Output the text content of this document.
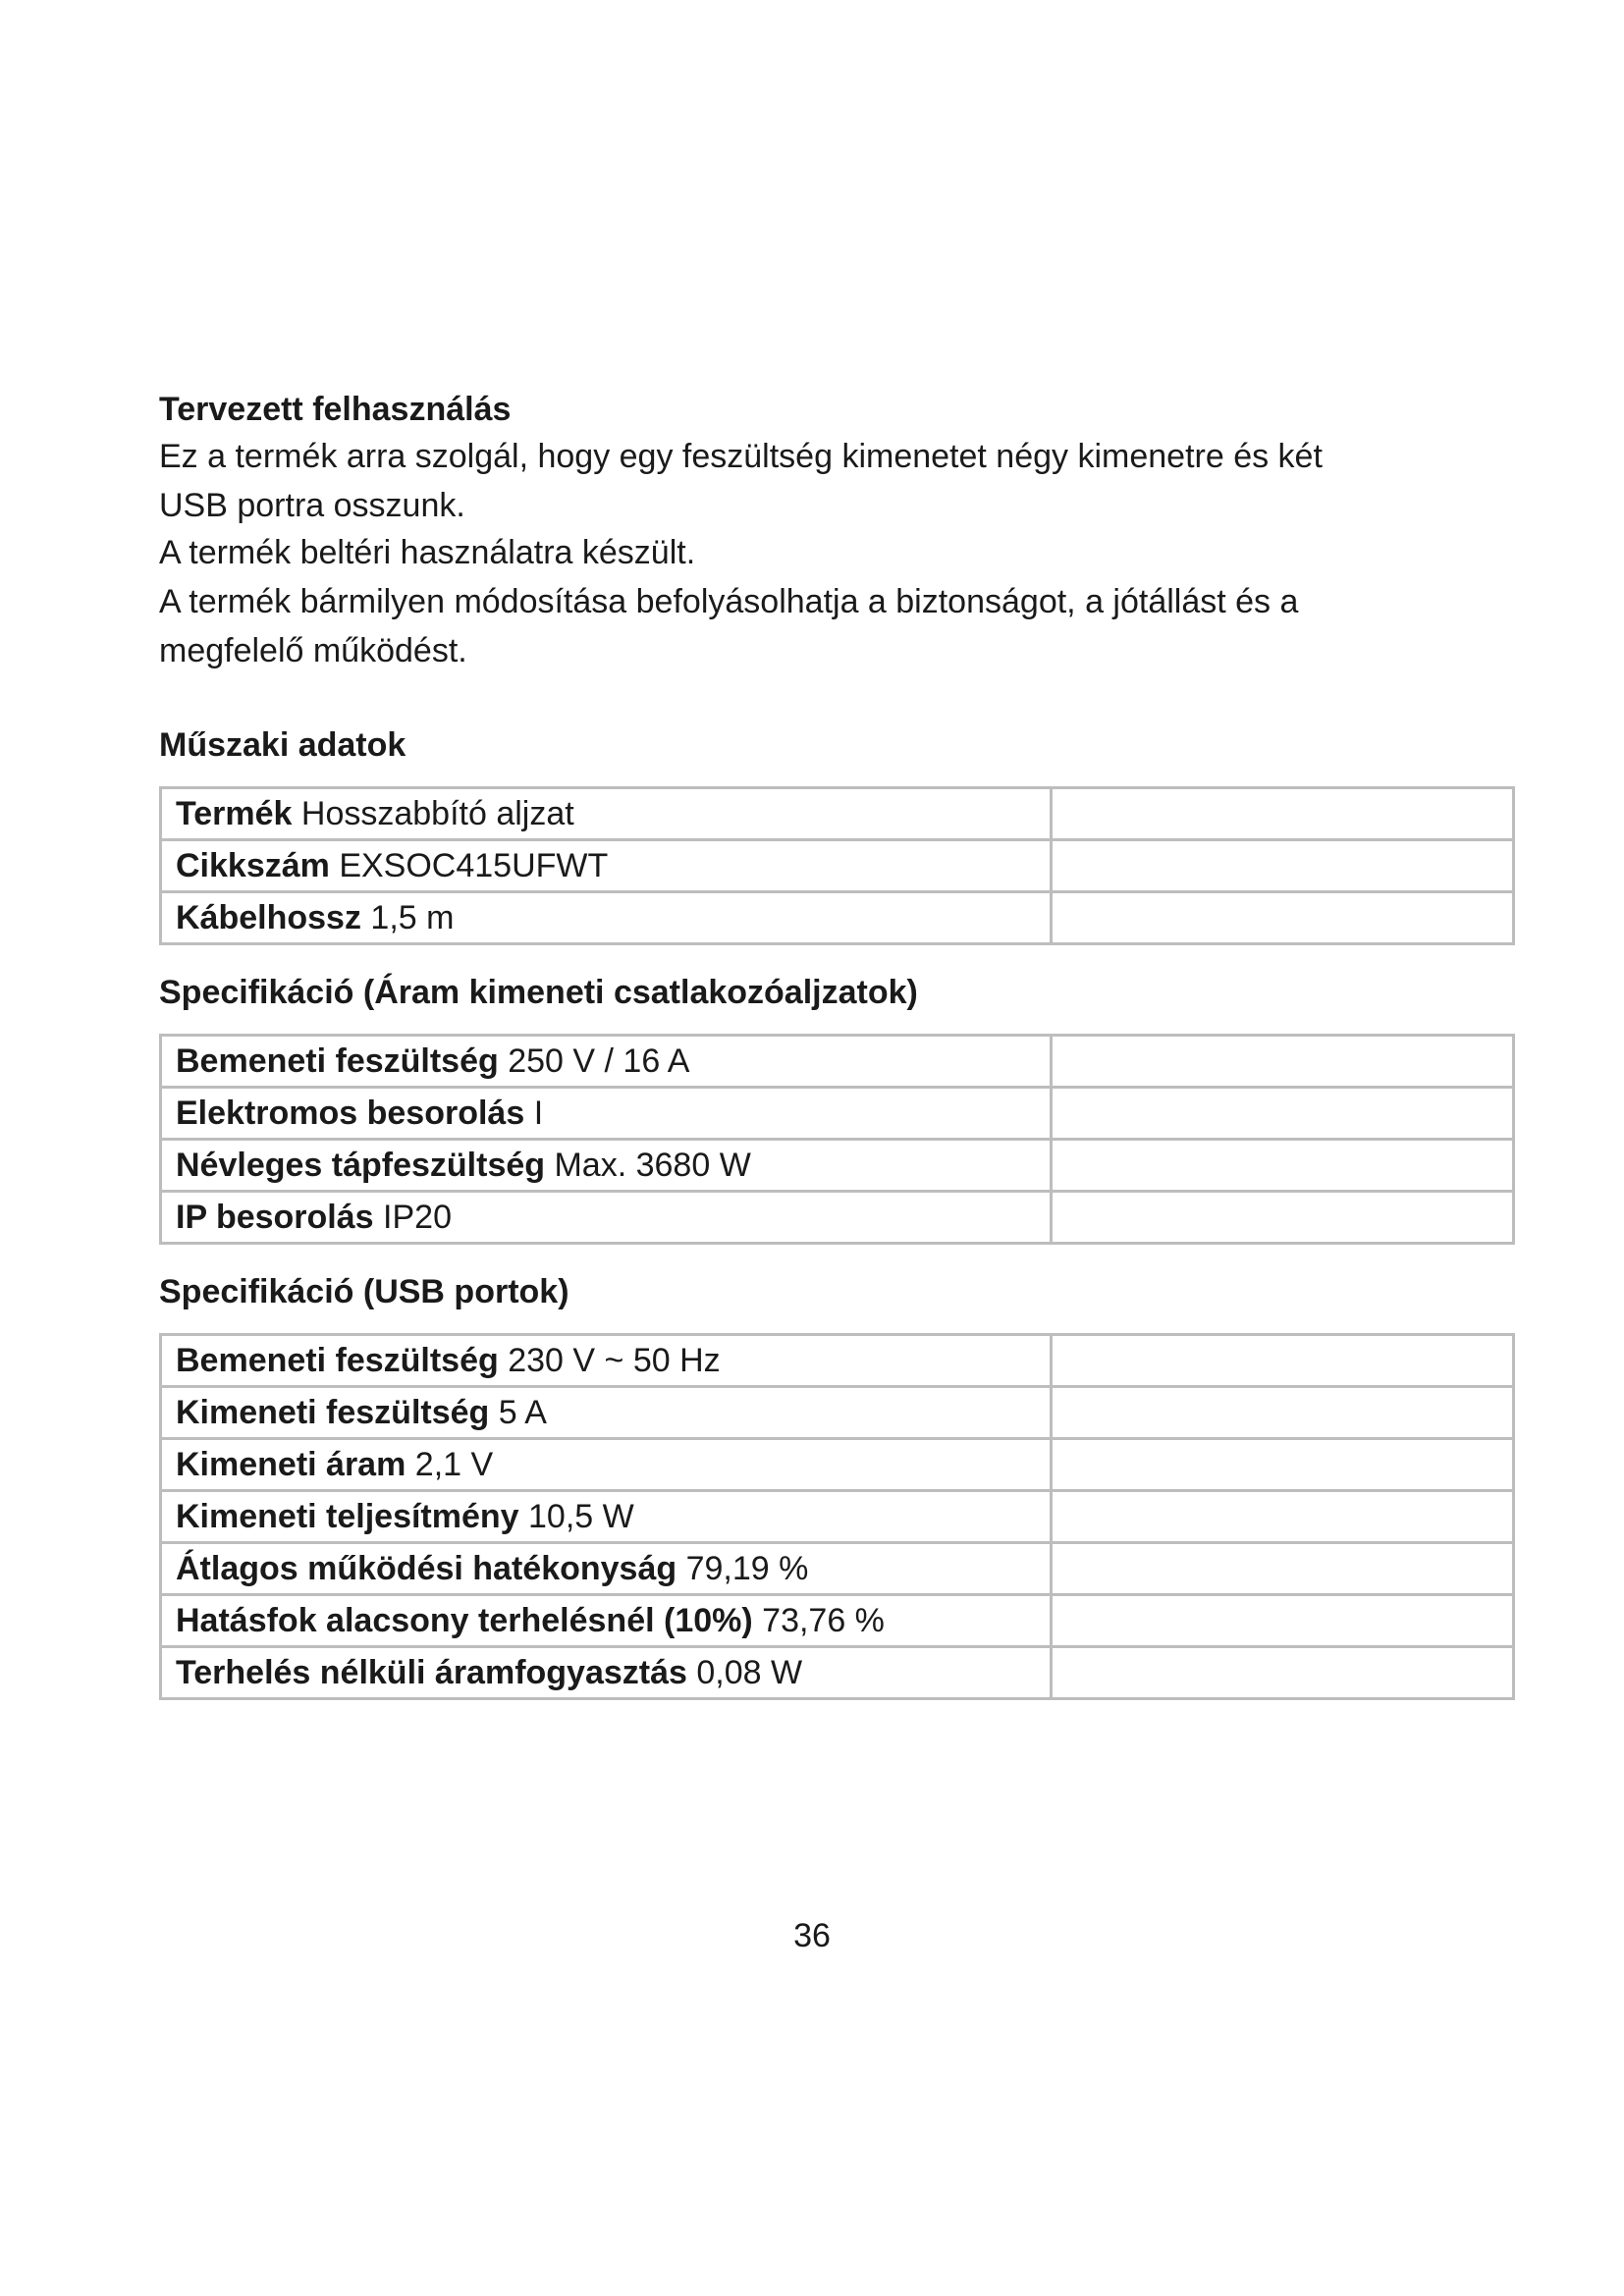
Tervezett felhasználás

Ez a termék arra szolgál, hogy egy feszültség kimenetet négy kimenetre és két

USB portra osszunk.

A termék beltéri használatra készült.

A termék bármilyen módosítása befolyásolhatja a biztonságot, a jótállást és a

megfelelő működést.

Műszaki adatok
Termék Hosszabbító aljzat	
Cikkszám EXSOC415UFWT	
Kábelhossz 1,5 m	
Specifikáció (Áram kimeneti csatlakozóaljzatok)
Bemeneti feszültség 250 V / 16 A	
Elektromos besorolás I	
Névleges tápfeszültség Max. 3680 W	
IP besorolás IP20	
Specifikáció (USB portok)
Bemeneti feszültség 230 V ~ 50 Hz	
Kimeneti feszültség 5 A	
Kimeneti áram 2,1 V	
Kimeneti teljesítmény 10,5 W	
Átlagos működési hatékonyság 79,19 %	
Hatásfok alacsony terhelésnél (10%) 73,76 %	
Terhelés nélküli áramfogyasztás 0,08 W	
36
